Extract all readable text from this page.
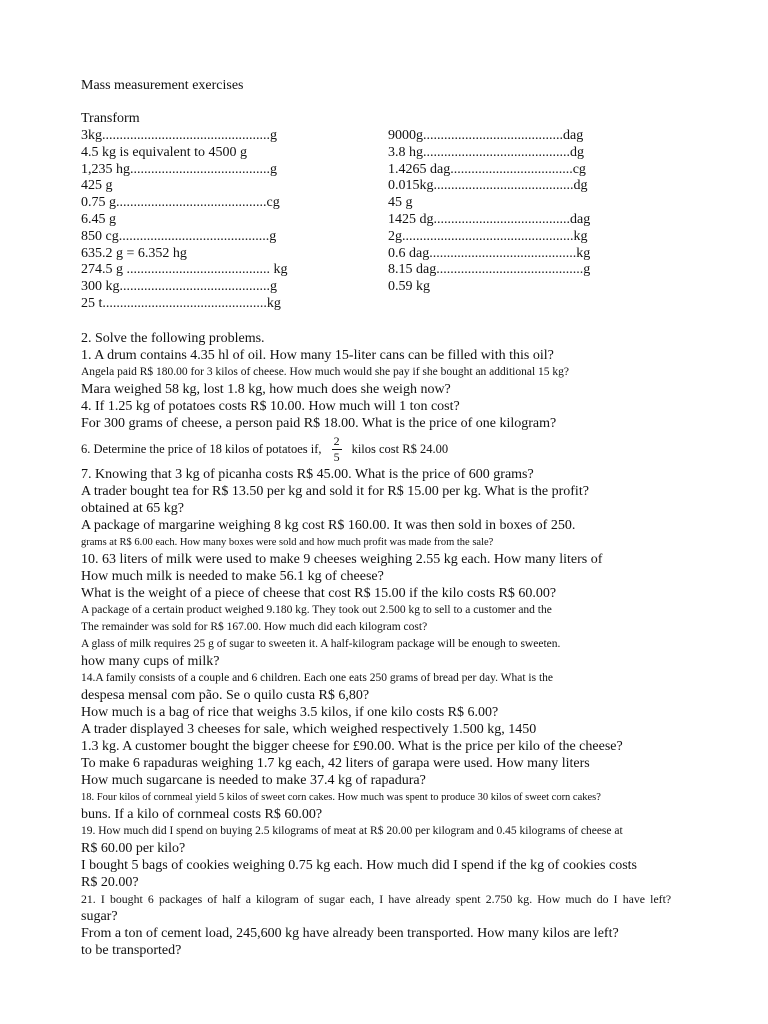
Mass measurement exercises
Transform
3kg................................................g
4.5 kg is equivalent to 4500 g
1,235 hg........................................g
425 g
0.75 g...........................................cg
6.45 g
850 cg...........................................g
635.2 g = 6.352 hg
274.5 g ......................................... kg
300 kg...........................................g
25 t...............................................kg
9000g........................................dag
3.8 hg..........................................dg
1.4265 dag...................................cg
0.015kg........................................dg
45 g
1425 dg.......................................dag
2g.................................................kg
0.6 dag..........................................kg
8.15 dag..........................................g
0.59 kg
2. Solve the following problems.
1. A drum contains 4.35 hl of oil. How many 15-liter cans can be filled with this oil?
Angela paid R$ 180.00 for 3 kilos of cheese. How much would she pay if she bought an additional 15 kg?
Mara weighed 58 kg, lost 1.8 kg, how much does she weigh now?
4. If 1.25 kg of potatoes costs R$ 10.00. How much will 1 ton cost?
For 300 grams of cheese, a person paid R$ 18.00. What is the price of one kilogram?
6. Determine the price of 18 kilos of potatoes if, $\frac{2}{5}$ kilos cost R$ 24.00
7. Knowing that 3 kg of picanha costs R$ 45.00. What is the price of 600 grams?
A trader bought tea for R$ 13.50 per kg and sold it for R$ 15.00 per kg. What is the profit?
obtained at 65 kg?
A package of margarine weighing 8 kg cost R$ 160.00. It was then sold in boxes of 250.
grams at R$ 6.00 each. How many boxes were sold and how much profit was made from the sale?
10. 63 liters of milk were used to make 9 cheeses weighing 2.55 kg each. How many liters of
How much milk is needed to make 56.1 kg of cheese?
What is the weight of a piece of cheese that cost R$ 15.00 if the kilo costs R$ 60.00?
A package of a certain product weighed 9.180 kg. They took out 2.500 kg to sell to a customer and the
The remainder was sold for R$ 167.00. How much did each kilogram cost?
A glass of milk requires 25 g of sugar to sweeten it. A half-kilogram package will be enough to sweeten.
how many cups of milk?
14.A family consists of a couple and 6 children. Each one eats 250 grams of bread per day. What is the
despesa mensal com pão. Se o quilo custa R$ 6,80?
How much is a bag of rice that weighs 3.5 kilos, if one kilo costs R$ 6.00?
A trader displayed 3 cheeses for sale, which weighed respectively 1.500 kg, 1450
1.3 kg. A customer bought the bigger cheese for £90.00. What is the price per kilo of the cheese?
To make 6 rapaduras weighing 1.7 kg each, 42 liters of garapa were used. How many liters
How much sugarcane is needed to make 37.4 kg of rapadura?
18. Four kilos of cornmeal yield 5 kilos of sweet corn cakes. How much was spent to produce 30 kilos of sweet corn cakes?
buns. If a kilo of cornmeal costs R$ 60.00?
19. How much did I spend on buying 2.5 kilograms of meat at R$ 20.00 per kilogram and 0.45 kilograms of cheese at
R$ 60.00 per kilo?
I bought 5 bags of cookies weighing 0.75 kg each. How much did I spend if the kg of cookies costs
R$ 20.00?
21. I bought 6 packages of half a kilogram of sugar each, I have already spent 2.750 kg. How much do I have left?
sugar?
From a ton of cement load, 245,600 kg have already been transported. How many kilos are left?
to be transported?
